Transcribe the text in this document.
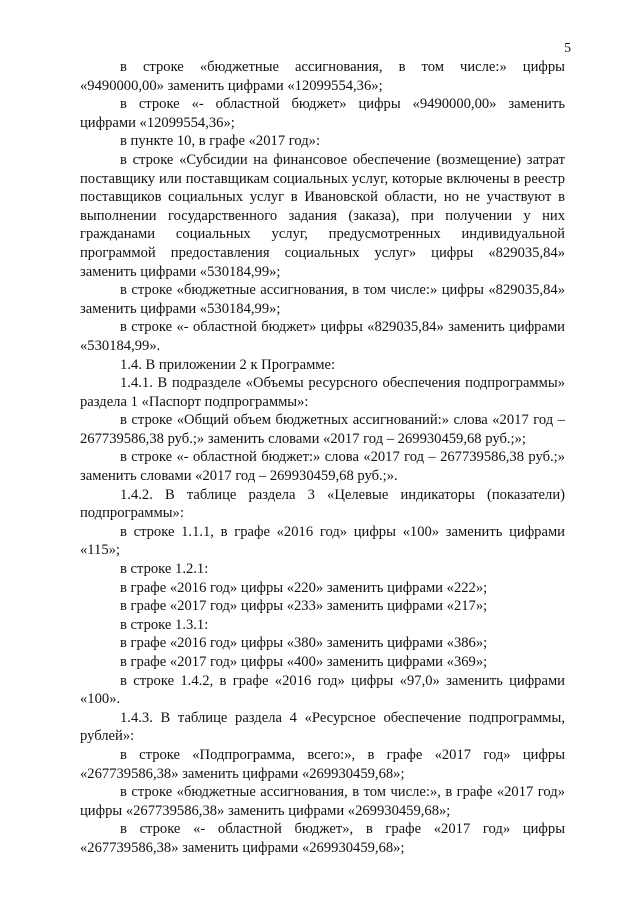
5

в строке «бюджетные ассигнования, в том числе:» цифры «9490000,00» заменить цифрами «12099554,36»;

в строке «- областной бюджет» цифры «9490000,00» заменить цифрами «12099554,36»;

в пункте 10, в графе «2017 год»:

в строке «Субсидии на финансовое обеспечение (возмещение) затрат поставщику или поставщикам социальных услуг, которые включены в реестр поставщиков социальных услуг в Ивановской области, но не участвуют в выполнении государственного задания (заказа), при получении у них гражданами социальных услуг, предусмотренных индивидуальной программой предоставления социальных услуг» цифры «829035,84» заменить цифрами «530184,99»;

в строке «бюджетные ассигнования, в том числе:» цифры «829035,84» заменить цифрами «530184,99»;

в строке «- областной бюджет» цифры «829035,84» заменить цифрами «530184,99».

1.4. В приложении 2 к Программе:

1.4.1. В подразделе «Объемы ресурсного обеспечения подпрограммы» раздела 1 «Паспорт подпрограммы»:

в строке «Общий объем бюджетных ассигнований:» слова «2017 год – 267739586,38 руб.;» заменить словами «2017 год – 269930459,68 руб.;»;

в строке «- областной бюджет:» слова «2017 год – 267739586,38 руб.;» заменить словами «2017 год – 269930459,68 руб.;».

1.4.2. В таблице раздела 3 «Целевые индикаторы (показатели) подпрограммы»:

в строке 1.1.1, в графе «2016 год» цифры «100» заменить цифрами «115»;

в строке 1.2.1:

в графе «2016 год» цифры «220» заменить цифрами «222»;

в графе «2017 год» цифры «233» заменить цифрами «217»;

в строке 1.3.1:

в графе «2016 год» цифры «380» заменить цифрами «386»;

в графе «2017 год» цифры «400» заменить цифрами «369»;

в строке 1.4.2, в графе «2016 год» цифры «97,0» заменить цифрами «100».

1.4.3. В таблице раздела 4 «Ресурсное обеспечение подпрограммы, рублей»:

в строке «Подпрограмма, всего:», в графе «2017 год» цифры «267739586,38» заменить цифрами «269930459,68»;

в строке «бюджетные ассигнования, в том числе:», в графе «2017 год» цифры «267739586,38» заменить цифрами «269930459,68»;

в строке «- областной бюджет», в графе «2017 год» цифры «267739586,38» заменить цифрами «269930459,68»;
